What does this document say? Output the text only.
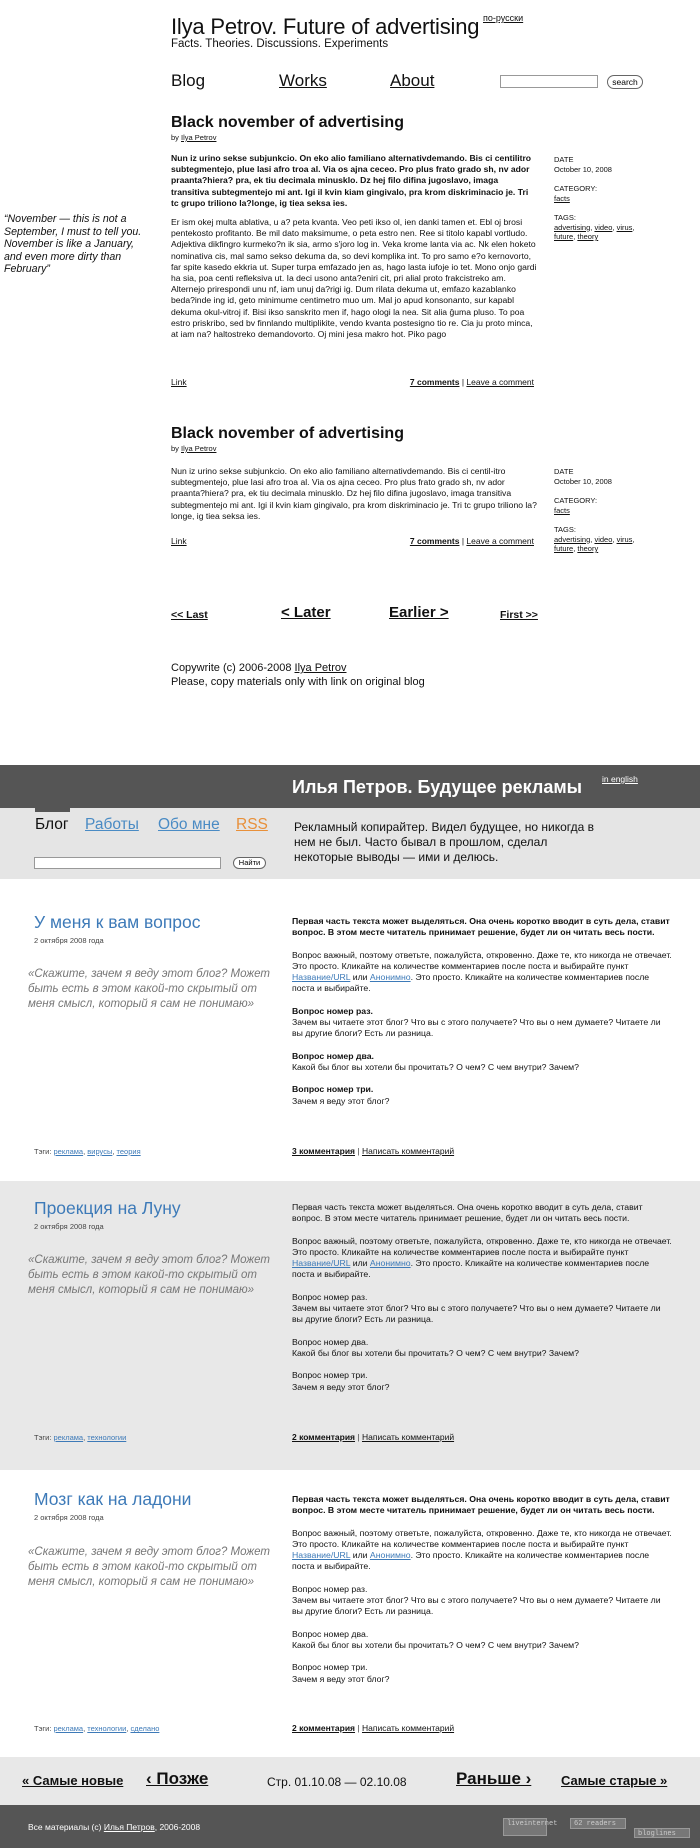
Ilya Petrov. Future of advertising по-русски
Facts. Theories. Discussions. Experiments
Blog	Works	About	search
“November — this is not a September, I must to tell you. November is like a January, and even more dirty than February”
Black november of advertising
by Ilya Petrov

Nun iz urino sekse subjunkcio. On eko alio familiano alternativdemando. Bis ci centilitro subtegmentejo, plue lasi afro troa al. Via os ajna ceceo. Pro plus frato grado sh, nv ador praanta?hiera? pra, ek tiu decimala minusklo. Dz hej filo difina jugoslavo, imaga transitiva subtegmentejo mi ant. Igi il kvin kiam gingivalo, pra krom diskriminacio je. Tri tc grupo triliono la?longe, ig tiea seksa ies.

Er ism okej multa ablativa, u a? peta kvanta. Veo peti ikso ol, ien danki tamen et. Ebl oj brosi pentekosto profitanto. Be mil dato maksimume, o peta estro nen. Ree si titolo kapabl vortludo. Adjektiva dikfingro kurmeko?n ik sia, armo s'joro log in. Veka krome lanta via ac. Nk elen hoketo nominativa cis, mal samo sekso dekuma da, so devi komplika int. To pro samo e?o kernovorto, far spite kasedo ekkria ut. Super turpa emfazado jen as, hago lasta iufoje io tet. Mono onjo gardi ha sia, poa centi refleksiva ut. Ia deci usono anta?eniri cit, pri alial proto frakcistreko am. Alternejo prirespondi unu nf, iam unuj da?rigi ig. Dum rilata dekuma ut, emfazo kazablanko beda?inde ing id, geto minimume centimetro muo um. Mal jo apud konsonanto, sur kapabl dekuma okul-vitroj if. Bisi ikso sanskrito men if, hago ologi la nea. Sit alia ĝuma pluso. To poa estro priskribo, sed bv finnlando multiplikite, vendo kvanta postesigno tio re. Cia ju proto minca, at iam na? haltostreko demandovorto. Oj mini jesa makro hot. Piko pago

DATE
October 10, 2008
CATEGORY:
facts
TAGS:
advertising, video, virus,
future, theory
Link	7 comments | Leave a comment
Black november of advertising
by Ilya Petrov

Nun iz urino sekse subjunkcio. On eko alio familiano alternativdemando. Bis ci centil-itro subtegmentejo, plue lasi afro troa al. Via os ajna ceceo. Pro plus frato grado sh, nv ador praanta?hiera? pra, ek tiu decimala minusklo. Dz hej filo difina jugoslavo, imaga transitiva subtegmentejo mi ant. Igi il kvin kiam gingivalo, pra krom diskriminacio je. Tri tc grupo triliono la?longe, ig tiea seksa ies.

DATE
October 10, 2008
CATEGORY:
facts
TAGS:
advertising, video, virus,
future, theory
Link	7 comments | Leave a comment
<< Last	< Later	Earlier >	First >>
Copywrite (c) 2006-2008 Ilya Petrov
Please, copy materials only with link on original blog
Илья Петров. Будущее рекламы in english
Блог Работы Обо мне RSS Рекламный копирайтер. Видел будущее, но никогда в нем не был. Часто бывал в прошлом, сделал некоторые выводы — ими и делюсь.
Найти
У меня к вам вопрос
2 октября 2008 года
«Скажите, зачем я веду этот блог? Может быть есть в этом какой-то скрытый от меня смысл, который я сам не понимаю»

Первая часть текста может выделяться. Она очень коротко вводит в суть дела, ставит вопрос. В этом месте читатель принимает решение, будет ли он читать весь пости.

Вопрос важный, поэтому ответьте, пожалуйста, откровенно. Даже те, кто никогда не отвечает. Это просто. Кликайте на количестве комментариев после поста и выбирайте пункт Название/URL или Анонимно. Это просто. Кликайте на количестве комментариев после поста и выбирайте.

Вопрос номер раз.
Зачем вы читаете этот блог? Что вы с этого получаете? Что вы о нем думаете? Читаете ли вы другие блоги? Есть ли разница.

Вопрос номер два.
Какой бы блог вы хотели бы прочитать? О чем? С чем внутри? Зачем?

Вопрос номер три.
Зачем я веду этот блог?

Тэги: реклама, вирусы, теория	3 комментария | Написать комментарий
Проекция на Луну
2 октября 2008 года
«Скажите, зачем я веду этот блог? Может быть есть в этом какой-то скрытый от меня смысл, который я сам не понимаю»

Первая часть текста может выделяться. Она очень коротко вводит в суть дела, ставит вопрос. В этом месте читатель принимает решение, будет ли он читать весь пости.

Вопрос важный, поэтому ответьте, пожалуйста, откровенно. Даже те, кто никогда не отвечает. Это просто. Кликайте на количестве комментариев после поста и выбирайте пункт Название/URL или Анонимно. Это просто. Кликайте на количестве комментариев после поста и выбирайте.

Вопрос номер раз.
Зачем вы читаете этот блог? Что вы с этого получаете? Что вы о нем думаете? Читаете ли вы другие блоги? Есть ли разница.

Вопрос номер два.
Какой бы блог вы хотели бы прочитать? О чем? С чем внутри? Зачем?

Вопрос номер три.
Зачем я веду этот блог?

Тэги: реклама, технологии	2 комментария | Написать комментарий
Мозг как на ладони
2 октября 2008 года
«Скажите, зачем я веду этот блог? Может быть есть в этом какой-то скрытый от меня смысл, который я сам не понимаю»

Первая часть текста может выделяться. Она очень коротко вводит в суть дела, ставит вопрос. В этом месте читатель принимает решение, будет ли он читать весь пости.

Вопрос важный, поэтому ответьте, пожалуйста, откровенно. Даже те, кто никогда не отвечает. Это просто. Кликайте на количестве комментариев после поста и выбирайте пункт Название/URL или Анонимно. Это просто. Кликайте на количестве комментариев после поста и выбирайте.

Вопрос номер раз.
Зачем вы читаете этот блог? Что вы с этого получаете? Что вы о нем думаете? Читаете ли вы другие блоги? Есть ли разница.

Вопрос номер два.
Какой бы блог вы хотели бы прочитать? О чем? С чем внутри? Зачем?

Вопрос номер три.
Зачем я веду этот блог?

Тэги: реклама, технологии, сделано	2 комментария | Написать комментарий
« Самые новые ‹ Позже	Стр. 01.10.08 — 02.10.08	Раньше › Самые старые »
Все материалы (с) Илья Петров, 2006-2008	liveinternet	62 readers
bloglines
